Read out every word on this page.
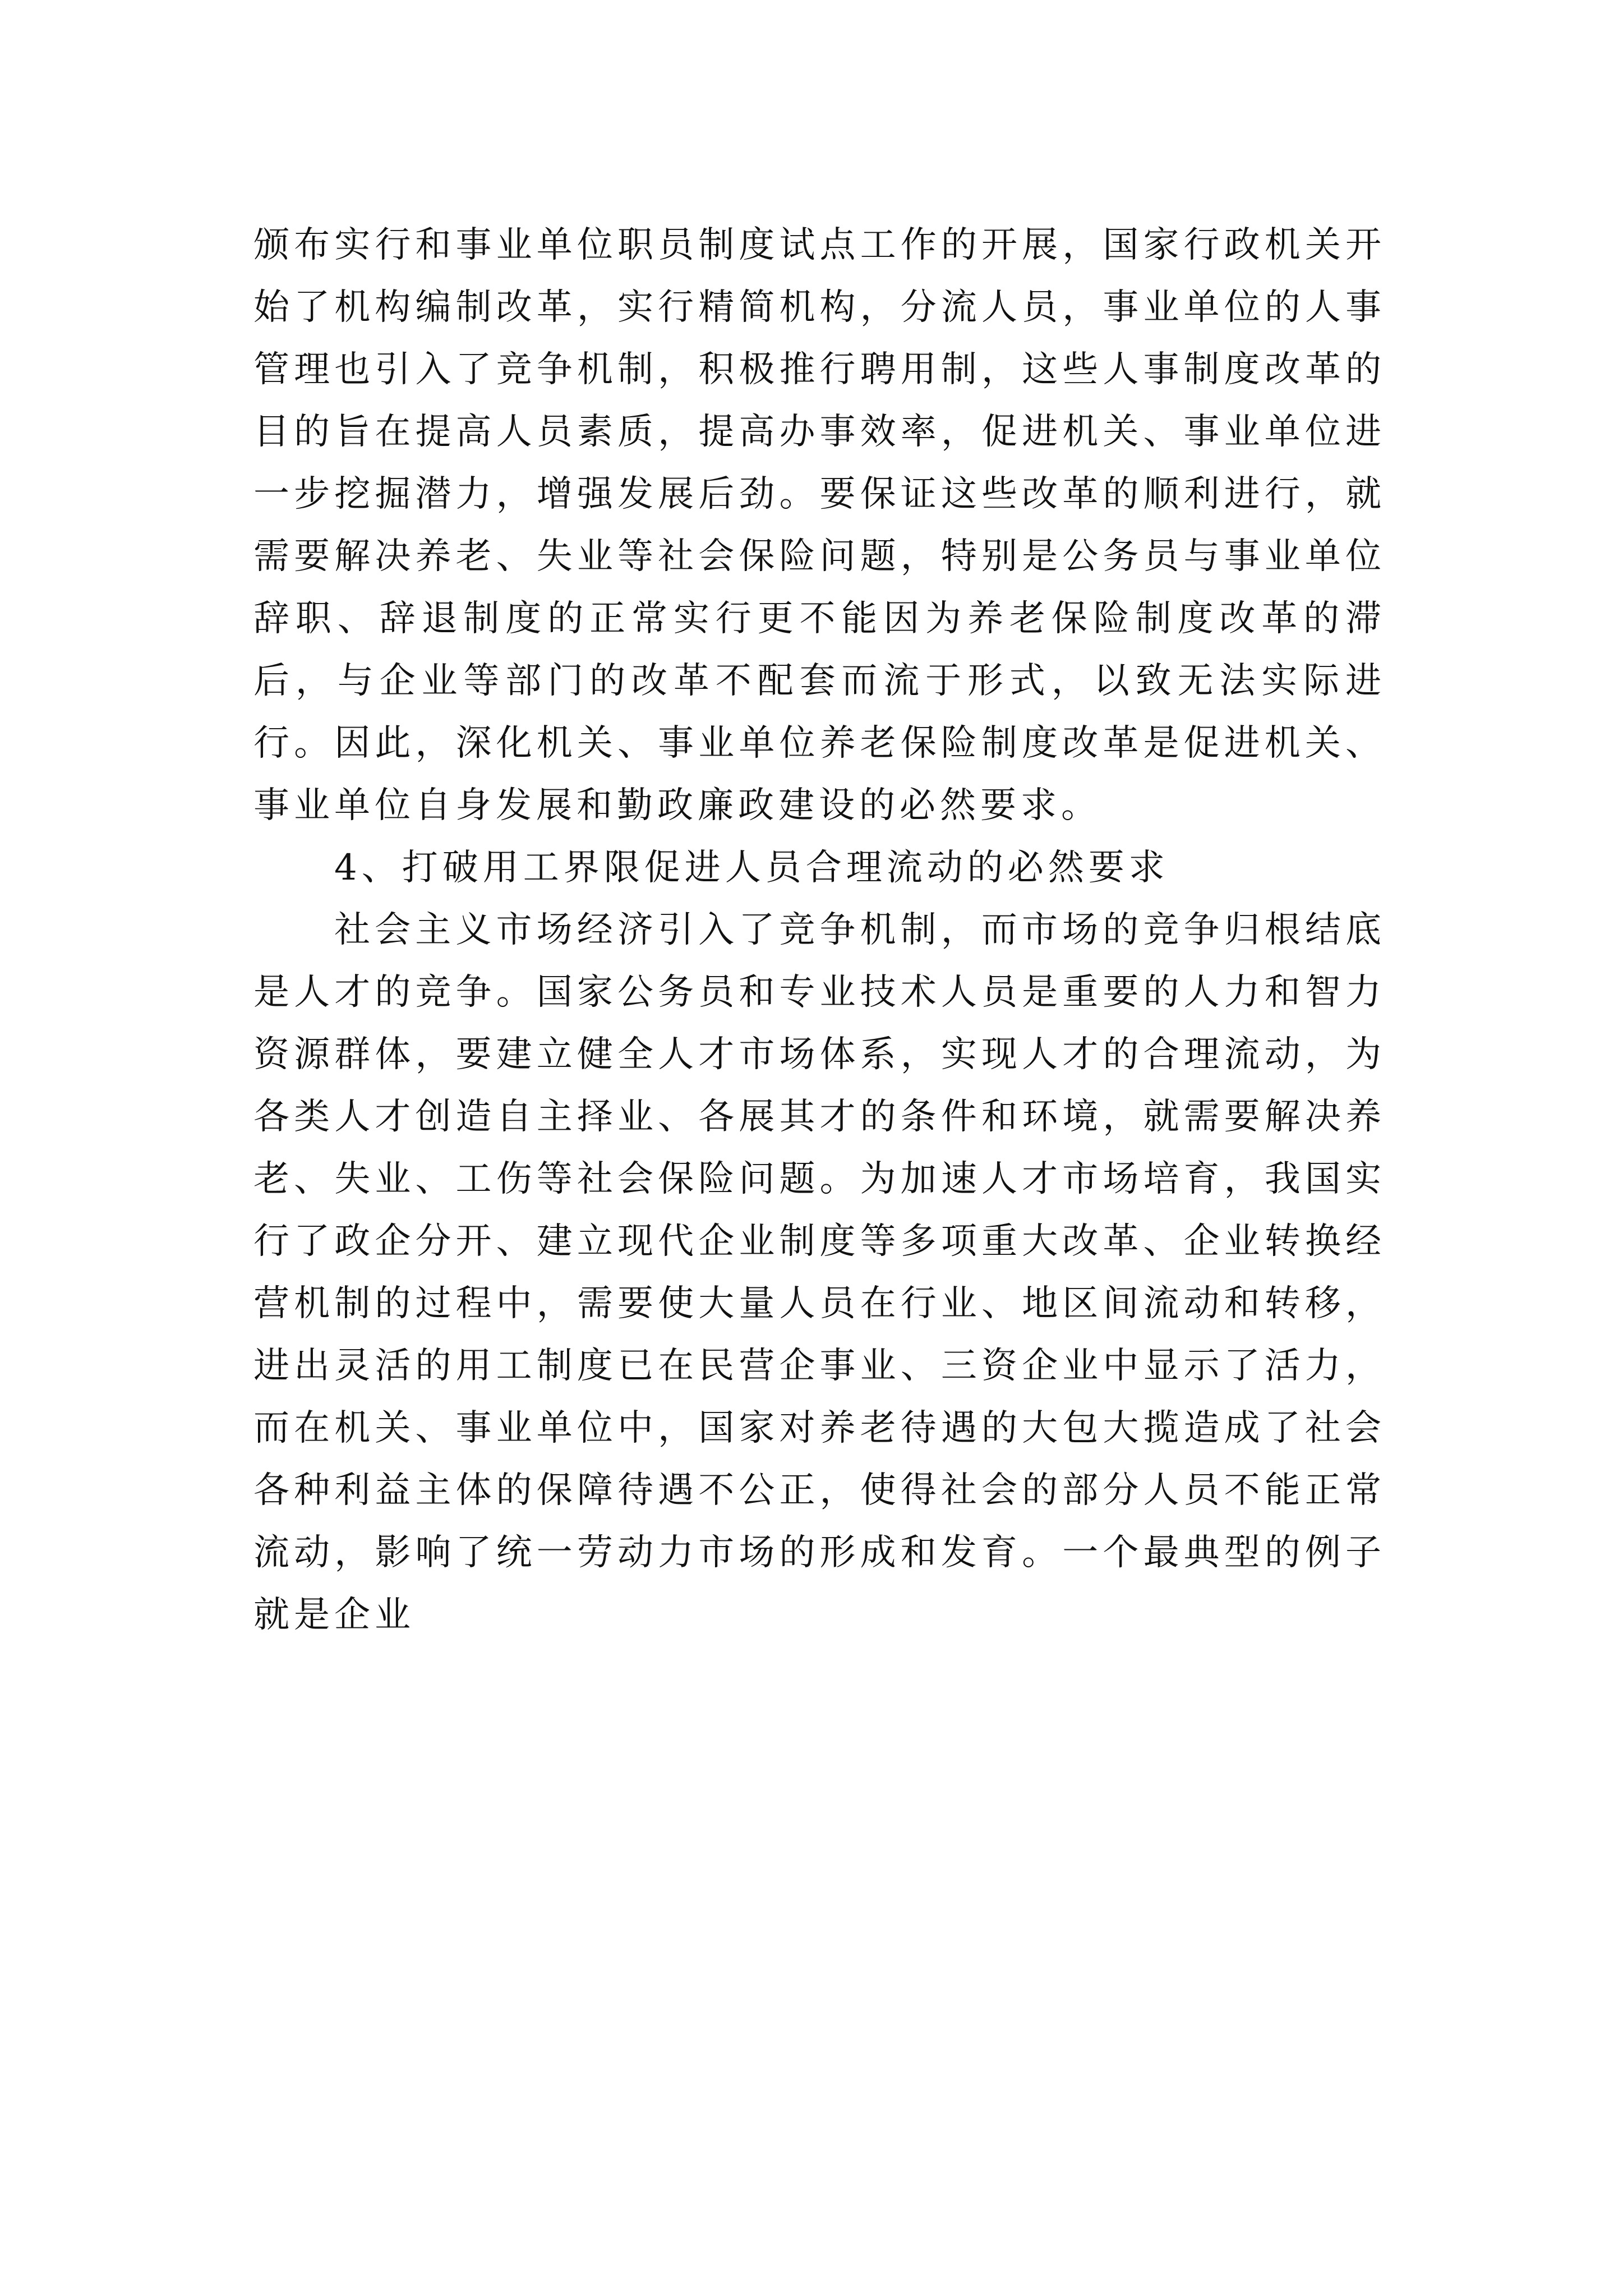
颁布实行和事业单位职员制度试点工作的开展，国家行政机关开始了机构编制改革，实行精简机构，分流人员，事业单位的人事管理也引入了竞争机制，积极推行聘用制，这些人事制度改革的目的旨在提高人员素质，提高办事效率，促进机关、事业单位进一步挖掘潜力，增强发展后劲。要保证这些改革的顺利进行，就需要解决养老、失业等社会保险问题，特别是公务员与事业单位辞职、辞退制度的正常实行更不能因为养老保险制度改革的滞后，与企业等部门的改革不配套而流于形式，以致无法实际进行。因此，深化机关、事业单位养老保险制度改革是促进机关、事业单位自身发展和勤政廉政建设的必然要求。

4、打破用工界限促进人员合理流动的必然要求

社会主义市场经济引入了竞争机制，而市场的竞争归根结底是人才的竞争。国家公务员和专业技术人员是重要的人力和智力资源群体，要建立健全人才市场体系，实现人才的合理流动，为各类人才创造自主择业、各展其才的条件和环境，就需要解决养老、失业、工伤等社会保险问题。为加速人才市场培育，我国实行了政企分开、建立现代企业制度等多项重大改革、企业转换经营机制的过程中，需要使大量人员在行业、地区间流动和转移，进出灵活的用工制度已在民营企事业、三资企业中显示了活力，而在机关、事业单位中，国家对养老待遇的大包大揽造成了社会各种利益主体的保障待遇不公正，使得社会的部分人员不能正常流动，影响了统一劳动力市场的形成和发育。一个最典型的例子就是企业
